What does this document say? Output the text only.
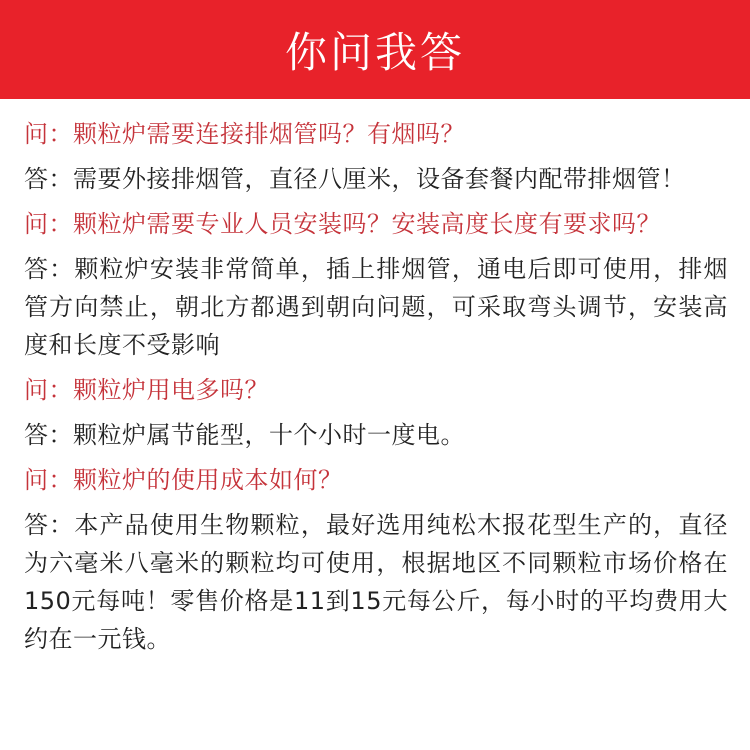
你问我答
问：颗粒炉需要连接排烟管吗？有烟吗？
答：需要外接排烟管，直径八厘米，设备套餐内配带排烟管！
问：颗粒炉需要专业人员安装吗？安装高度长度有要求吗？
答：颗粒炉安装非常简单，插上排烟管，通电后即可使用，排烟管方向禁止，朝北方都遇到朝向问题，可采取弯头调节，安装高度和长度不受影响
问：颗粒炉用电多吗？
答：颗粒炉属节能型，十个小时一度电。
问：颗粒炉的使用成本如何？
答：本产品使用生物颗粒，最好选用纯松木报花型生产的，直径为六毫米八毫米的颗粒均可使用，根据地区不同颗粒市场价格在150元每吨！零售价格是11到15元每公斤，每小时的平均费用大约在一元钱。
